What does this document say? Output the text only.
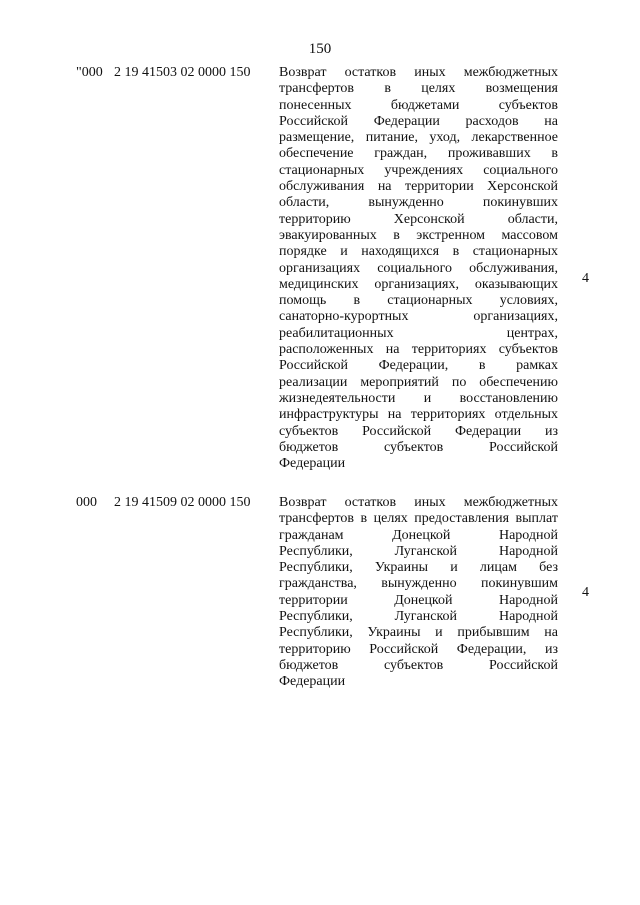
150
"000 2 19 41503 02 0000 150 Возврат остатков иных межбюджетных
трансфертов в целях возмещения
понесенных бюджетами субъектов
Российской Федерации расходов на
размещение, питание, уход, лекарственное
обеспечение граждан, проживавших в
стационарных учреждениях социального
обслуживания на территории Херсонской
области, вынужденно покинувших
территорию Херсонской области,
эвакуированных в экстренном массовом
порядке и находящихся в стационарных
организациях социального обслуживания,
медицинских организациях, оказывающих
помощь в стационарных условиях,
санаторно-курортных организациях,
реабилитационных центрах,
расположенных на территориях субъектов
Российской Федерации, в рамках
реализации мероприятий по обеспечению
жизнедеятельности и восстановлению
инфраструктуры на территориях отдельных
субъектов Российской Федерации из
бюджетов субъектов Российской
Федерации
4
000 2 19 41509 02 0000 150 Возврат остатков иных межбюджетных
трансфертов в целях предоставления выплат
гражданам Донецкой Народной
Республики, Луганской Народной
Республики, Украины и лицам без
гражданства, вынужденно покинувшим
территории Донецкой Народной
Республики, Луганской Народной
Республики, Украины и прибывшим на
территорию Российской Федерации, из
бюджетов субъектов Российской
Федерации
4
